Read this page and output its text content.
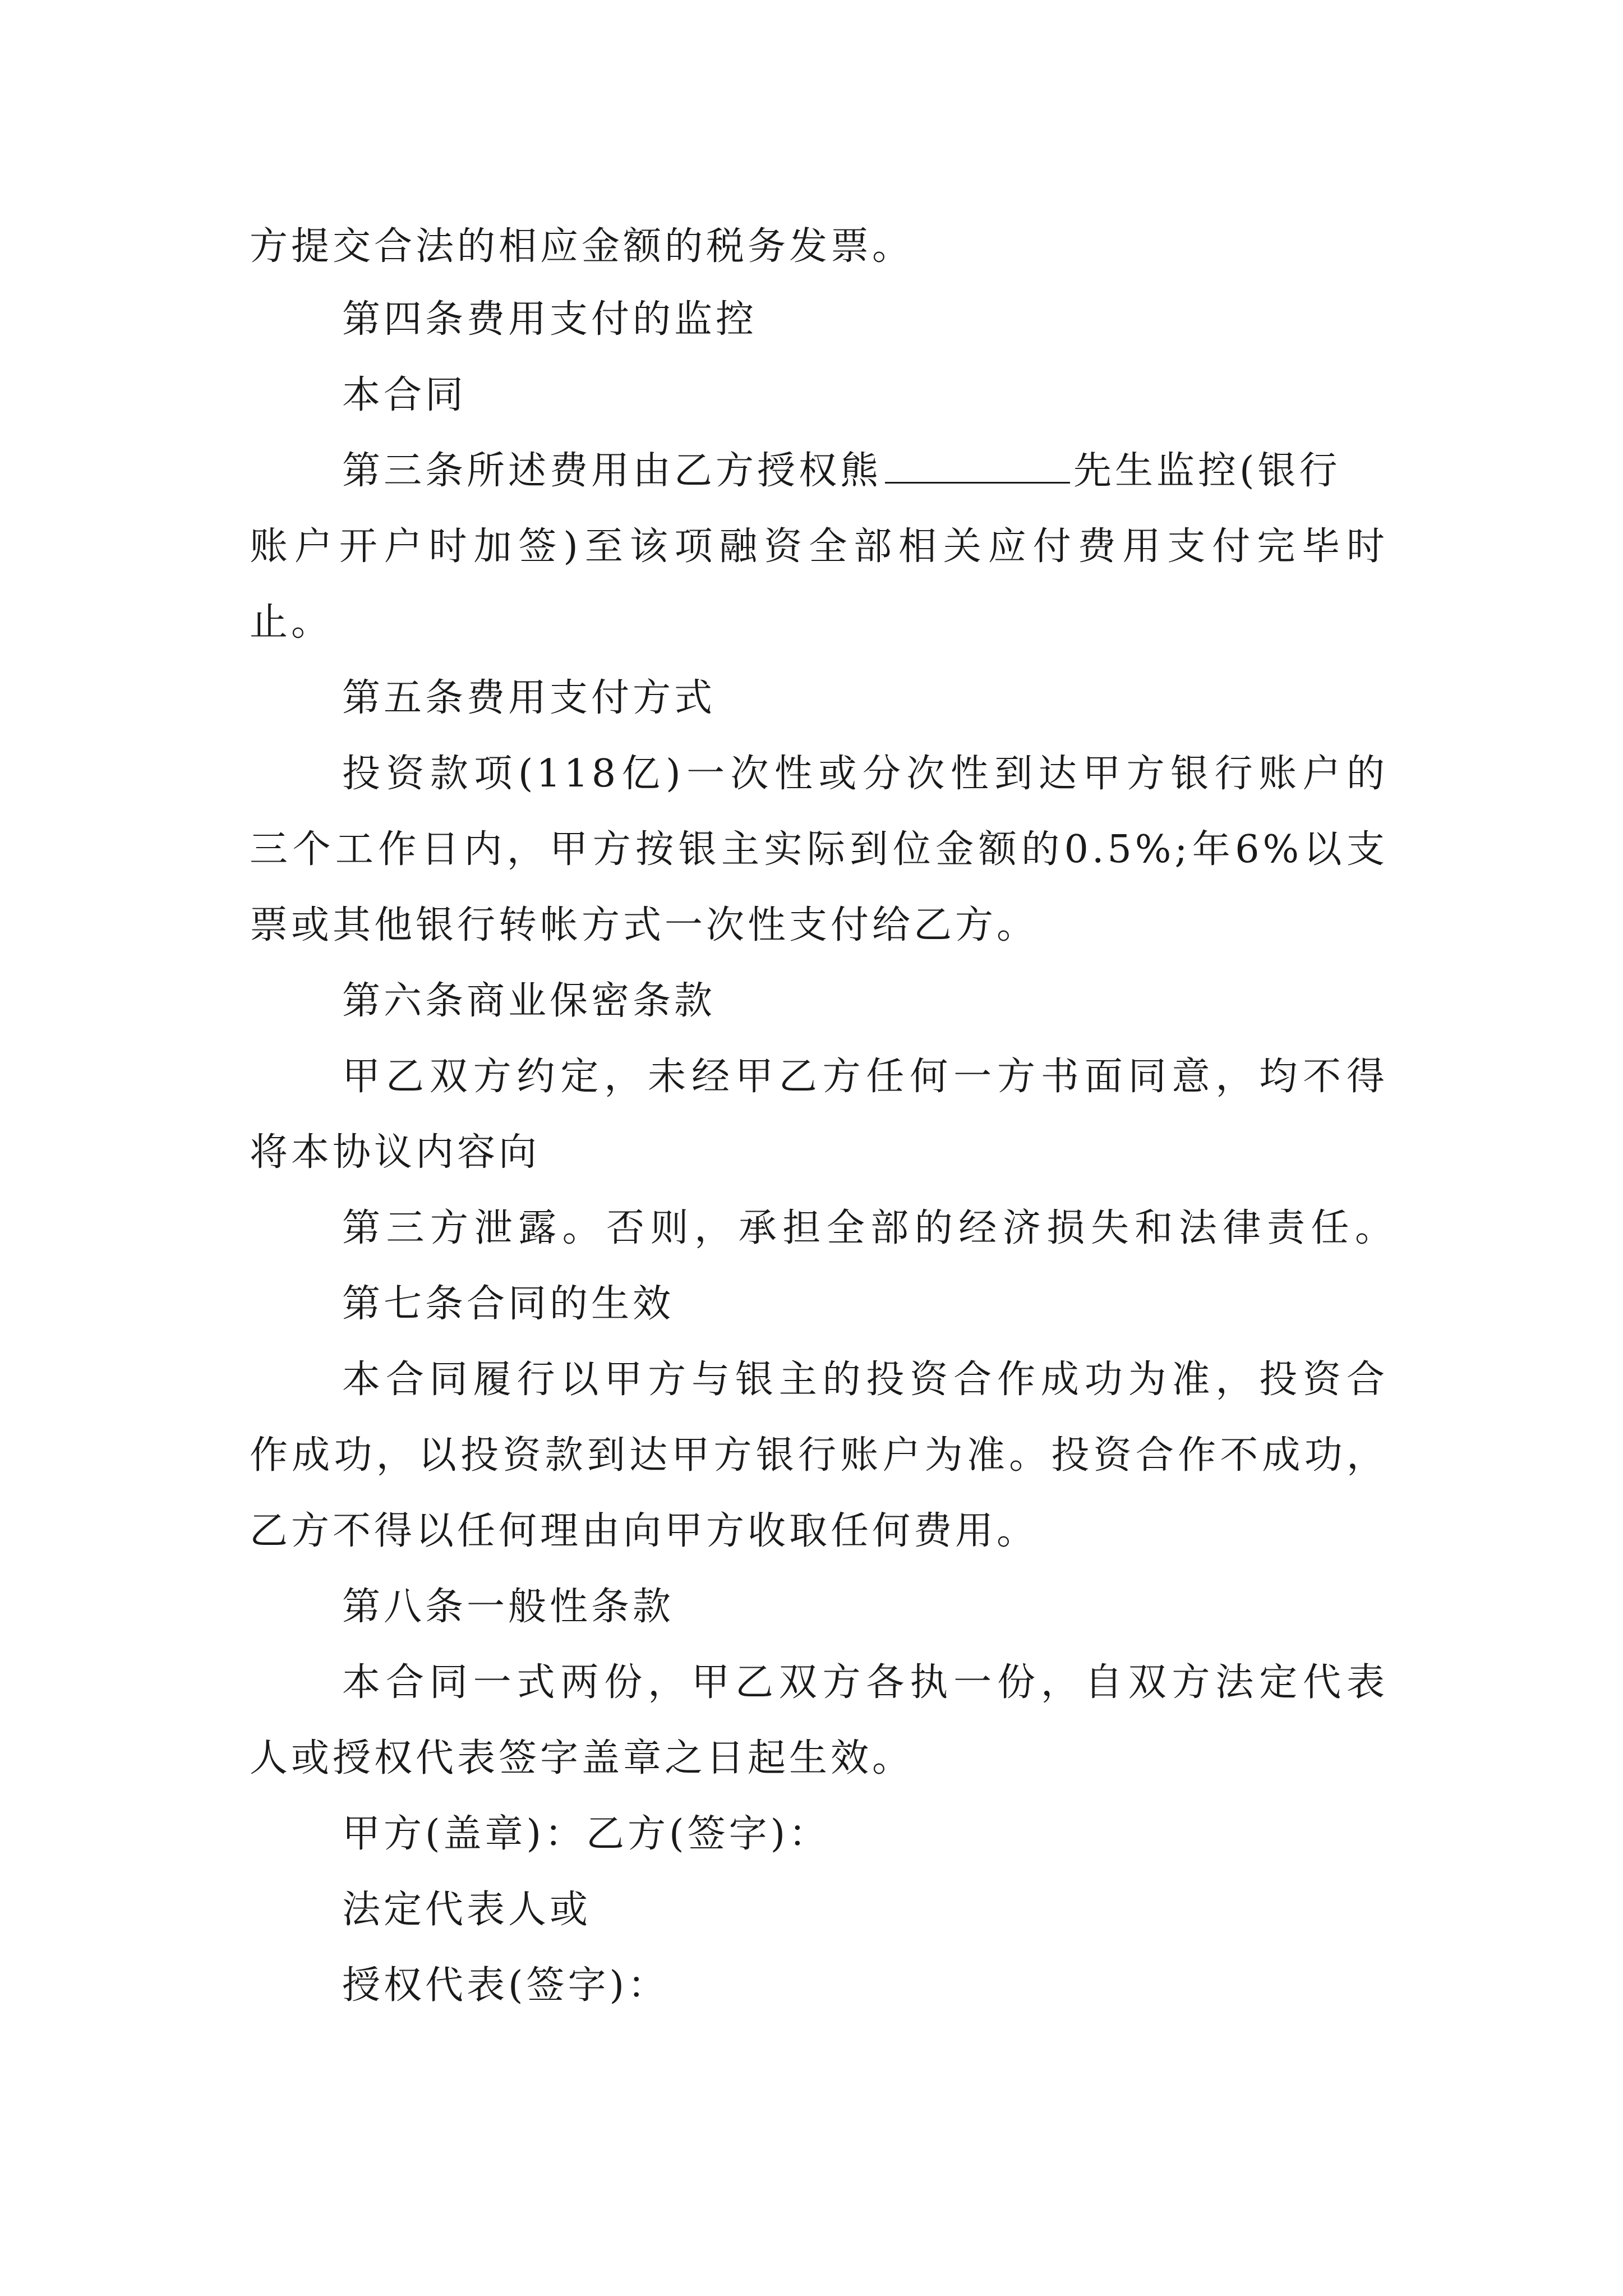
方提交合法的相应金额的税务发票。
第四条费用支付的监控
本合同
第三条所述费用由乙方授权熊	先生监控(银行
账户开户时加签)至该项融资全部相关应付费用支付完毕时
止。
第五条费用支付方式
投资款项(118亿)一次性或分次性到达甲方银行账户的
三个工作日内，甲方按银主实际到位金额的0.5%;年6%以支
票或其他银行转帐方式一次性支付给乙方。
第六条商业保密条款
甲乙双方约定，未经甲乙方任何一方书面同意，均不得
将本协议内容向
第三方泄露。否则，承担全部的经济损失和法律责任。
第七条合同的生效
本合同履行以甲方与银主的投资合作成功为准，投资合
作成功，以投资款到达甲方银行账户为准。投资合作不成功，
乙方不得以任何理由向甲方收取任何费用。
第八条一般性条款
本合同一式两份，甲乙双方各执一份，自双方法定代表
人或授权代表签字盖章之日起生效。
甲方(盖章)：乙方(签字)：
法定代表人或
授权代表(签字)：
